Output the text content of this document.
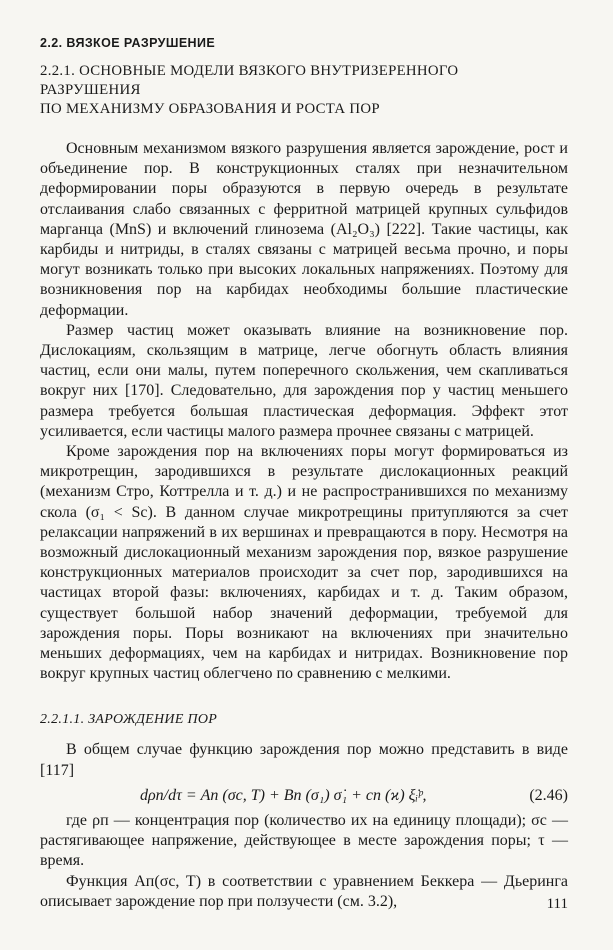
2.2. ВЯЗКОЕ РАЗРУШЕНИЕ
2.2.1. ОСНОВНЫЕ МОДЕЛИ ВЯЗКОГО ВНУТРИЗЕРЕННОГО
РАЗРУШЕНИЯ
ПО МЕХАНИЗМУ ОБРАЗОВАНИЯ И РОСТА ПОР

Основным механизмом вязкого разрушения является зарождение, рост и объединение пор. В конструкционных сталях при незначительном деформировании поры образуются в первую очередь в результате отслаивания слабо связанных с ферритной матрицей крупных сульфидов марганца (MnS) и включений глинозема (Al₂O₃) [222]. Такие частицы, как карбиды и нитриды, в сталях связаны с матрицей весьма прочно, и поры могут возникать только при высоких локальных напряжениях. Поэтому для возникновения пор на карбидах необходимы большие пластические деформации.

Размер частиц может оказывать влияние на возникновение пор. Дислокациям, скользящим в матрице, легче обогнуть область влияния частиц, если они малы, путем поперечного скольжения, чем скапливаться вокруг них [170]. Следовательно, для зарождения пор у частиц меньшего размера требуется большая пластическая деформация. Эффект этот усиливается, если частицы малого размера прочнее связаны с матрицей.

Кроме зарождения пор на включениях поры могут формироваться из микротрещин, зародившихся в результате дислокационных реакций (механизм Стро, Коттрелла и т. д.) и не распространившихся по механизму скола (σ₁ < Sc). В данном случае микротрещины притупляются за счет релаксации напряжений в их вершинах и превращаются в пору. Несмотря на возможный дислокационный механизм зарождения пор, вязкое разрушение конструкционных материалов происходит за счет пор, зародившихся на частицах второй фазы: включениях, карбидах и т. д. Таким образом, существует большой набор значений деформации, требуемой для зарождения поры. Поры возникают на включениях при значительно меньших деформациях, чем на карбидах и нитридах. Возникновение пор вокруг крупных частиц облегчено по сравнению с мелкими.

2.2.1.1. ЗАРОЖДЕНИЕ ПОР

В общем случае функцию зарождения пор можно представить в виде [117]

dρп/dτ = Aп (σc, T) + Bп (σ₁) σ̇₁ + cп (ϰ) ξ̇ᵢᵖ,	(2.46)

где ρп — концентрация пор (количество их на единицу площади); σc — растягивающее напряжение, действующее в месте зарождения поры; τ — время.

Функция Aп(σc, T) в соответствии с уравнением Беккера — Дьеринга описывает зарождение пор при ползучести (см. 3.2),	111
